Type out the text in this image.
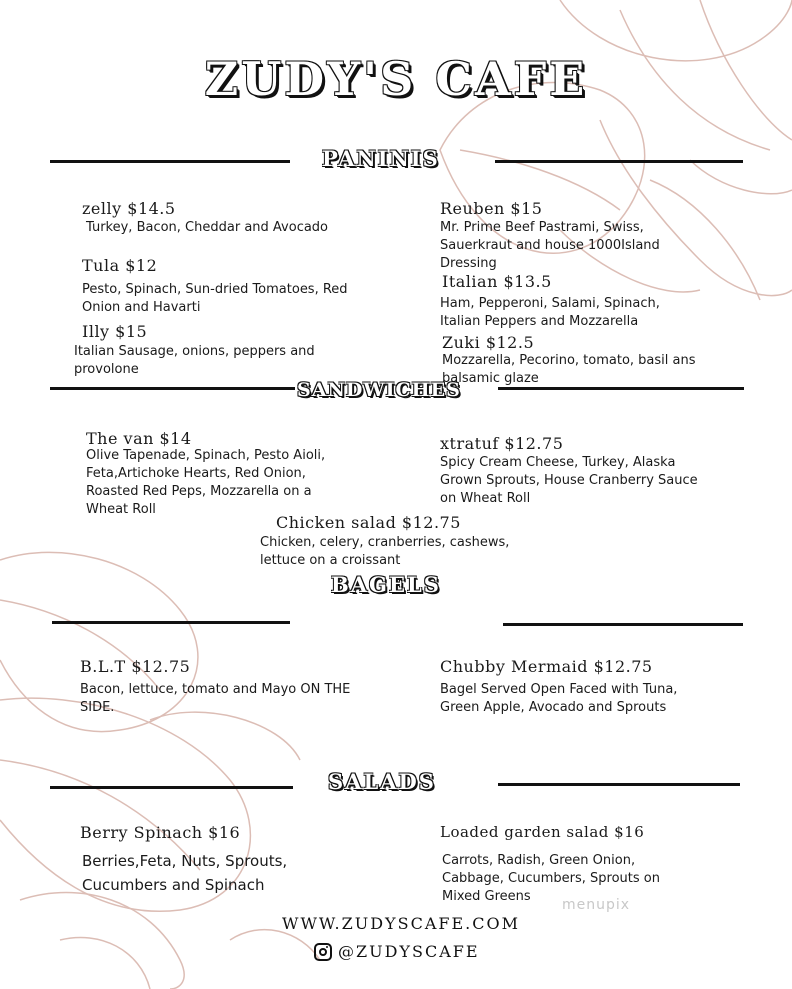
ZUDY'S CAFE
PANINIS
zelly $14.5
Turkey, Bacon, Cheddar and Avocado
Reuben $15
Mr. Prime Beef Pastrami, Swiss, Sauerkraut and house 1000Island Dressing
Tula $12
Pesto, Spinach, Sun-dried Tomatoes, Red Onion and Havarti
Italian $13.5
Ham, Pepperoni, Salami, Spinach, Italian Peppers and Mozzarella
Illy $15
Italian Sausage, onions, peppers and provolone
Zuki $12.5
Mozzarella, Pecorino, tomato, basil ans balsamic glaze
SANDWICHES
The van $14
Olive Tapenade, Spinach, Pesto Aioli, Feta,Artichoke Hearts, Red Onion, Roasted Red Peps, Mozzarella on a Wheat Roll
xtratuf $12.75
Spicy Cream Cheese, Turkey, Alaska Grown Sprouts, House Cranberry Sauce on Wheat Roll
Chicken salad $12.75
Chicken, celery, cranberries, cashews, lettuce on a croissant
BAGELS
B.L.T $12.75
Bacon, lettuce, tomato and Mayo ON THE SIDE.
Chubby Mermaid $12.75
Bagel Served Open Faced with Tuna, Green Apple, Avocado and Sprouts
SALADS
Berry Spinach $16
Berries,Feta, Nuts, Sprouts, Cucumbers and Spinach
Loaded garden salad $16
Carrots, Radish, Green Onion, Cabbage, Cucumbers, Sprouts on Mixed Greens
menupix
WWW.ZUDYSCAFE.COM
@ZUDYSCAFE
